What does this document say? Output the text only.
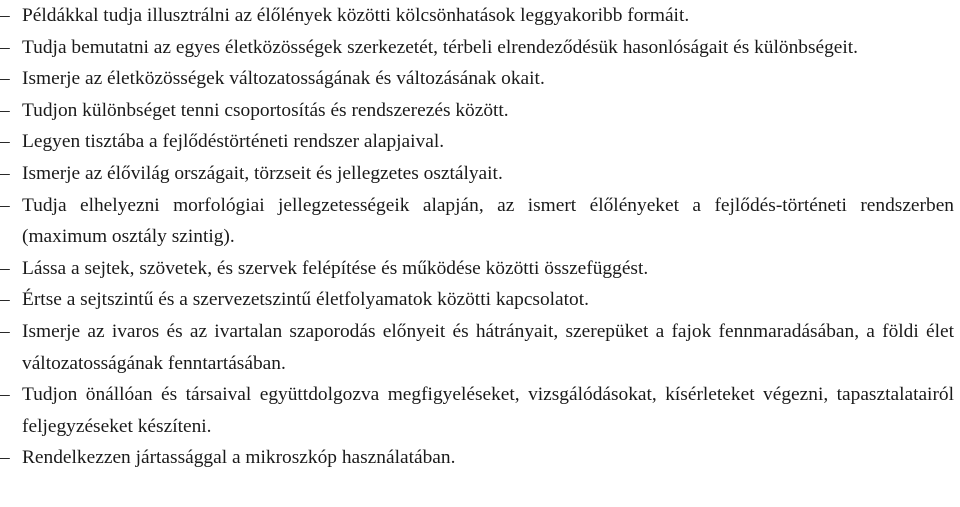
– Példákkal tudja illusztrálni az élőlények közötti kölcsönhatások leggyakoribb formáit.
– Tudja bemutatni az egyes életközösségek szerkezetét, térbeli elrendeződésük hasonlóságait és különbségeit.
– Ismerje az életközösségek változatosságának és változásának okait.
– Tudjon különbséget tenni csoportosítás és rendszerezés között.
– Legyen tisztába a fejlődéstörténeti rendszer alapjaival.
– Ismerje az élővilág országait, törzseit és jellegzetes osztályait.
– Tudja elhelyezni morfológiai jellegzetességeik alapján, az ismert élőlényeket a fejlődés-történeti rendszerben (maximum osztály szintig).
– Lássa a sejtek, szövetek, és szervek felépítése és működése közötti összefüggést.
– Értse a sejtszintű és a szervezetszintű életfolyamatok közötti kapcsolatot.
– Ismerje az ivaros és az ivartalan szaporodás előnyeit és hátrányait, szerepüket a fajok fennmaradásában, a földi élet változatosságának fenntartásában.
– Tudjon önállóan és társaival együttdolgozva megfigyeléseket, vizsgálódásokat, kísérleteket végezni, tapasztalatairól feljegyzéseket készíteni.
– Rendelkezzen jártassággal a mikroszkóp használatában.
